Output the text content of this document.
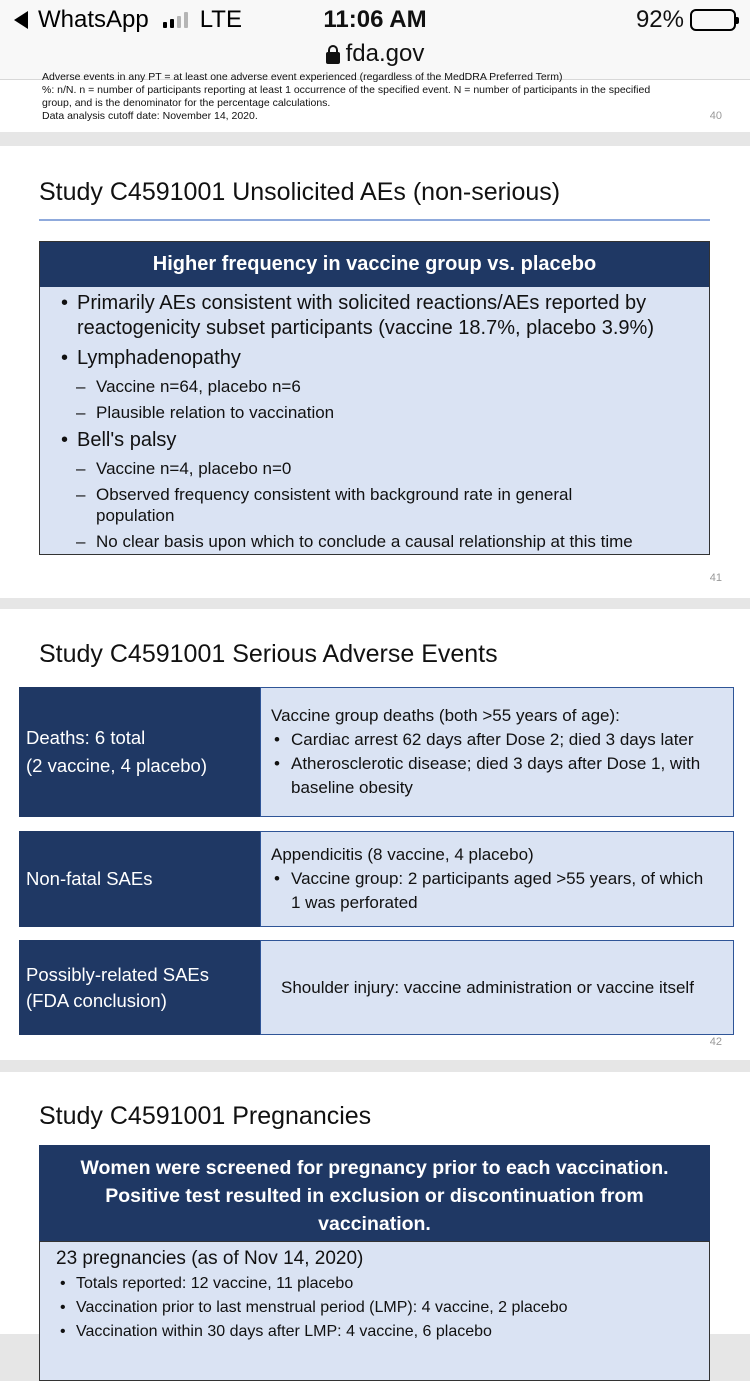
WhatsApp LTE	11:06 AM
fda.gov
92%
Adverse events in any PT = at least one adverse event experienced (regardless of the MedDRA Preferred Term)
%: n/N. n = number of participants reporting at least 1 occurrence of the specified event. N = number of participants in the specified
group, and is the denominator for the percentage calculations.
Data analysis cutoff date: November 14, 2020.	40
Study C4591001 Unsolicited AEs (non-serious)
Higher frequency in vaccine group vs. placebo
• Primarily AEs consistent with solicited reactions/AEs reported by reactogenicity subset participants (vaccine 18.7%, placebo 3.9%)
• Lymphadenopathy
– Vaccine n=64, placebo n=6
– Plausible relation to vaccination
• Bell's palsy
– Vaccine n=4, placebo n=0
– Observed frequency consistent with background rate in general population
– No clear basis upon which to conclude a causal relationship at this time
41
Study C4591001 Serious Adverse Events
Deaths: 6 total
(2 vaccine, 4 placebo)
Vaccine group deaths (both >55 years of age):
• Cardiac arrest 62 days after Dose 2; died 3 days later
• Atherosclerotic disease; died 3 days after Dose 1, with baseline obesity
Non-fatal SAEs
Appendicitis (8 vaccine, 4 placebo)
• Vaccine group: 2 participants aged >55 years, of which 1 was perforated
Possibly-related SAEs
(FDA conclusion)
Shoulder injury: vaccine administration or vaccine itself
42
Study C4591001 Pregnancies
Women were screened for pregnancy prior to each vaccination. Positive test resulted in exclusion or discontinuation from vaccination.
23 pregnancies (as of Nov 14, 2020)
• Totals reported: 12 vaccine, 11 placebo
• Vaccination prior to last menstrual period (LMP): 4 vaccine, 2 placebo
• Vaccination within 30 days after LMP: 4 vaccine, 6 placebo
